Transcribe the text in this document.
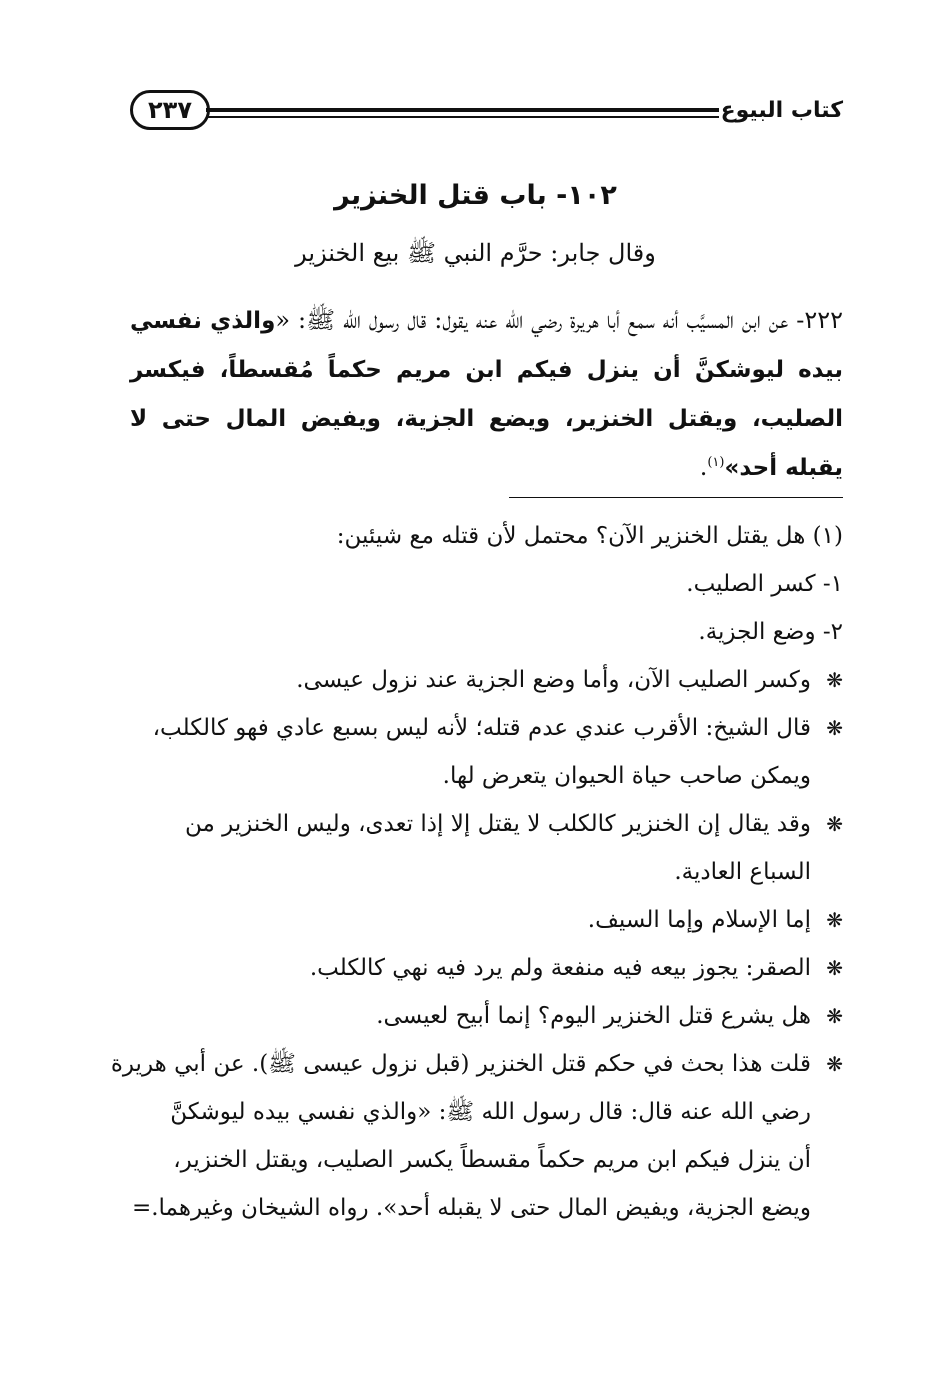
كتاب البيوع
٢٣٧
١٠٢- باب قتل الخنزير
وقال جابر: حرَّم النبي ﷺ بيع الخنزير
٢٢٢- عن ابن المسيَّب أنه سمع أبا هريرة رضي الله عنه يقول: قال رسول الله ﷺ: «والذي نفسي بيده ليوشكنَّ أن ينزل فيكم ابن مريم حكماً مُقسطاً، فيكسر الصليب، ويقتل الخنزير، ويضع الجزية، ويفيض المال حتى لا يقبله أحد»$^{(١)}$.

(١) هل يقتل الخنزير الآن؟ محتمل لأن قتله مع شيئين:

١- كسر الصليب.

٢- وضع الجزية.

❋

وكسر الصليب الآن، وأما وضع الجزية عند نزول عيسى.

❋

قال الشيخ: الأقرب عندي عدم قتله؛ لأنه ليس بسبع عادي فهو كالكلب،

ويمكن صاحب حياة الحيوان يتعرض لها.

❋

وقد يقال إن الخنزير كالكلب لا يقتل إلا إذا تعدى، وليس الخنزير من

السباع العادية.

❋

إما الإسلام وإما السيف.

❋

الصقر: يجوز بيعه فيه منفعة ولم يرد فيه نهي كالكلب.

❋

هل يشرع قتل الخنزير اليوم؟ إنما أبيح لعيسى.

❋

قلت هذا بحث في حكم قتل الخنزير (قبل نزول عيسى ﷺ). عن أبي هريرة

رضي الله عنه قال: قال رسول الله ﷺ: «والذي نفسي بيده ليوشكنَّ

أن ينزل فيكم ابن مريم حكماً مقسطاً يكسر الصليب، ويقتل الخنزير،

ويضع الجزية، ويفيض المال حتى لا يقبله أحد». رواه الشيخان وغيرهما.=
